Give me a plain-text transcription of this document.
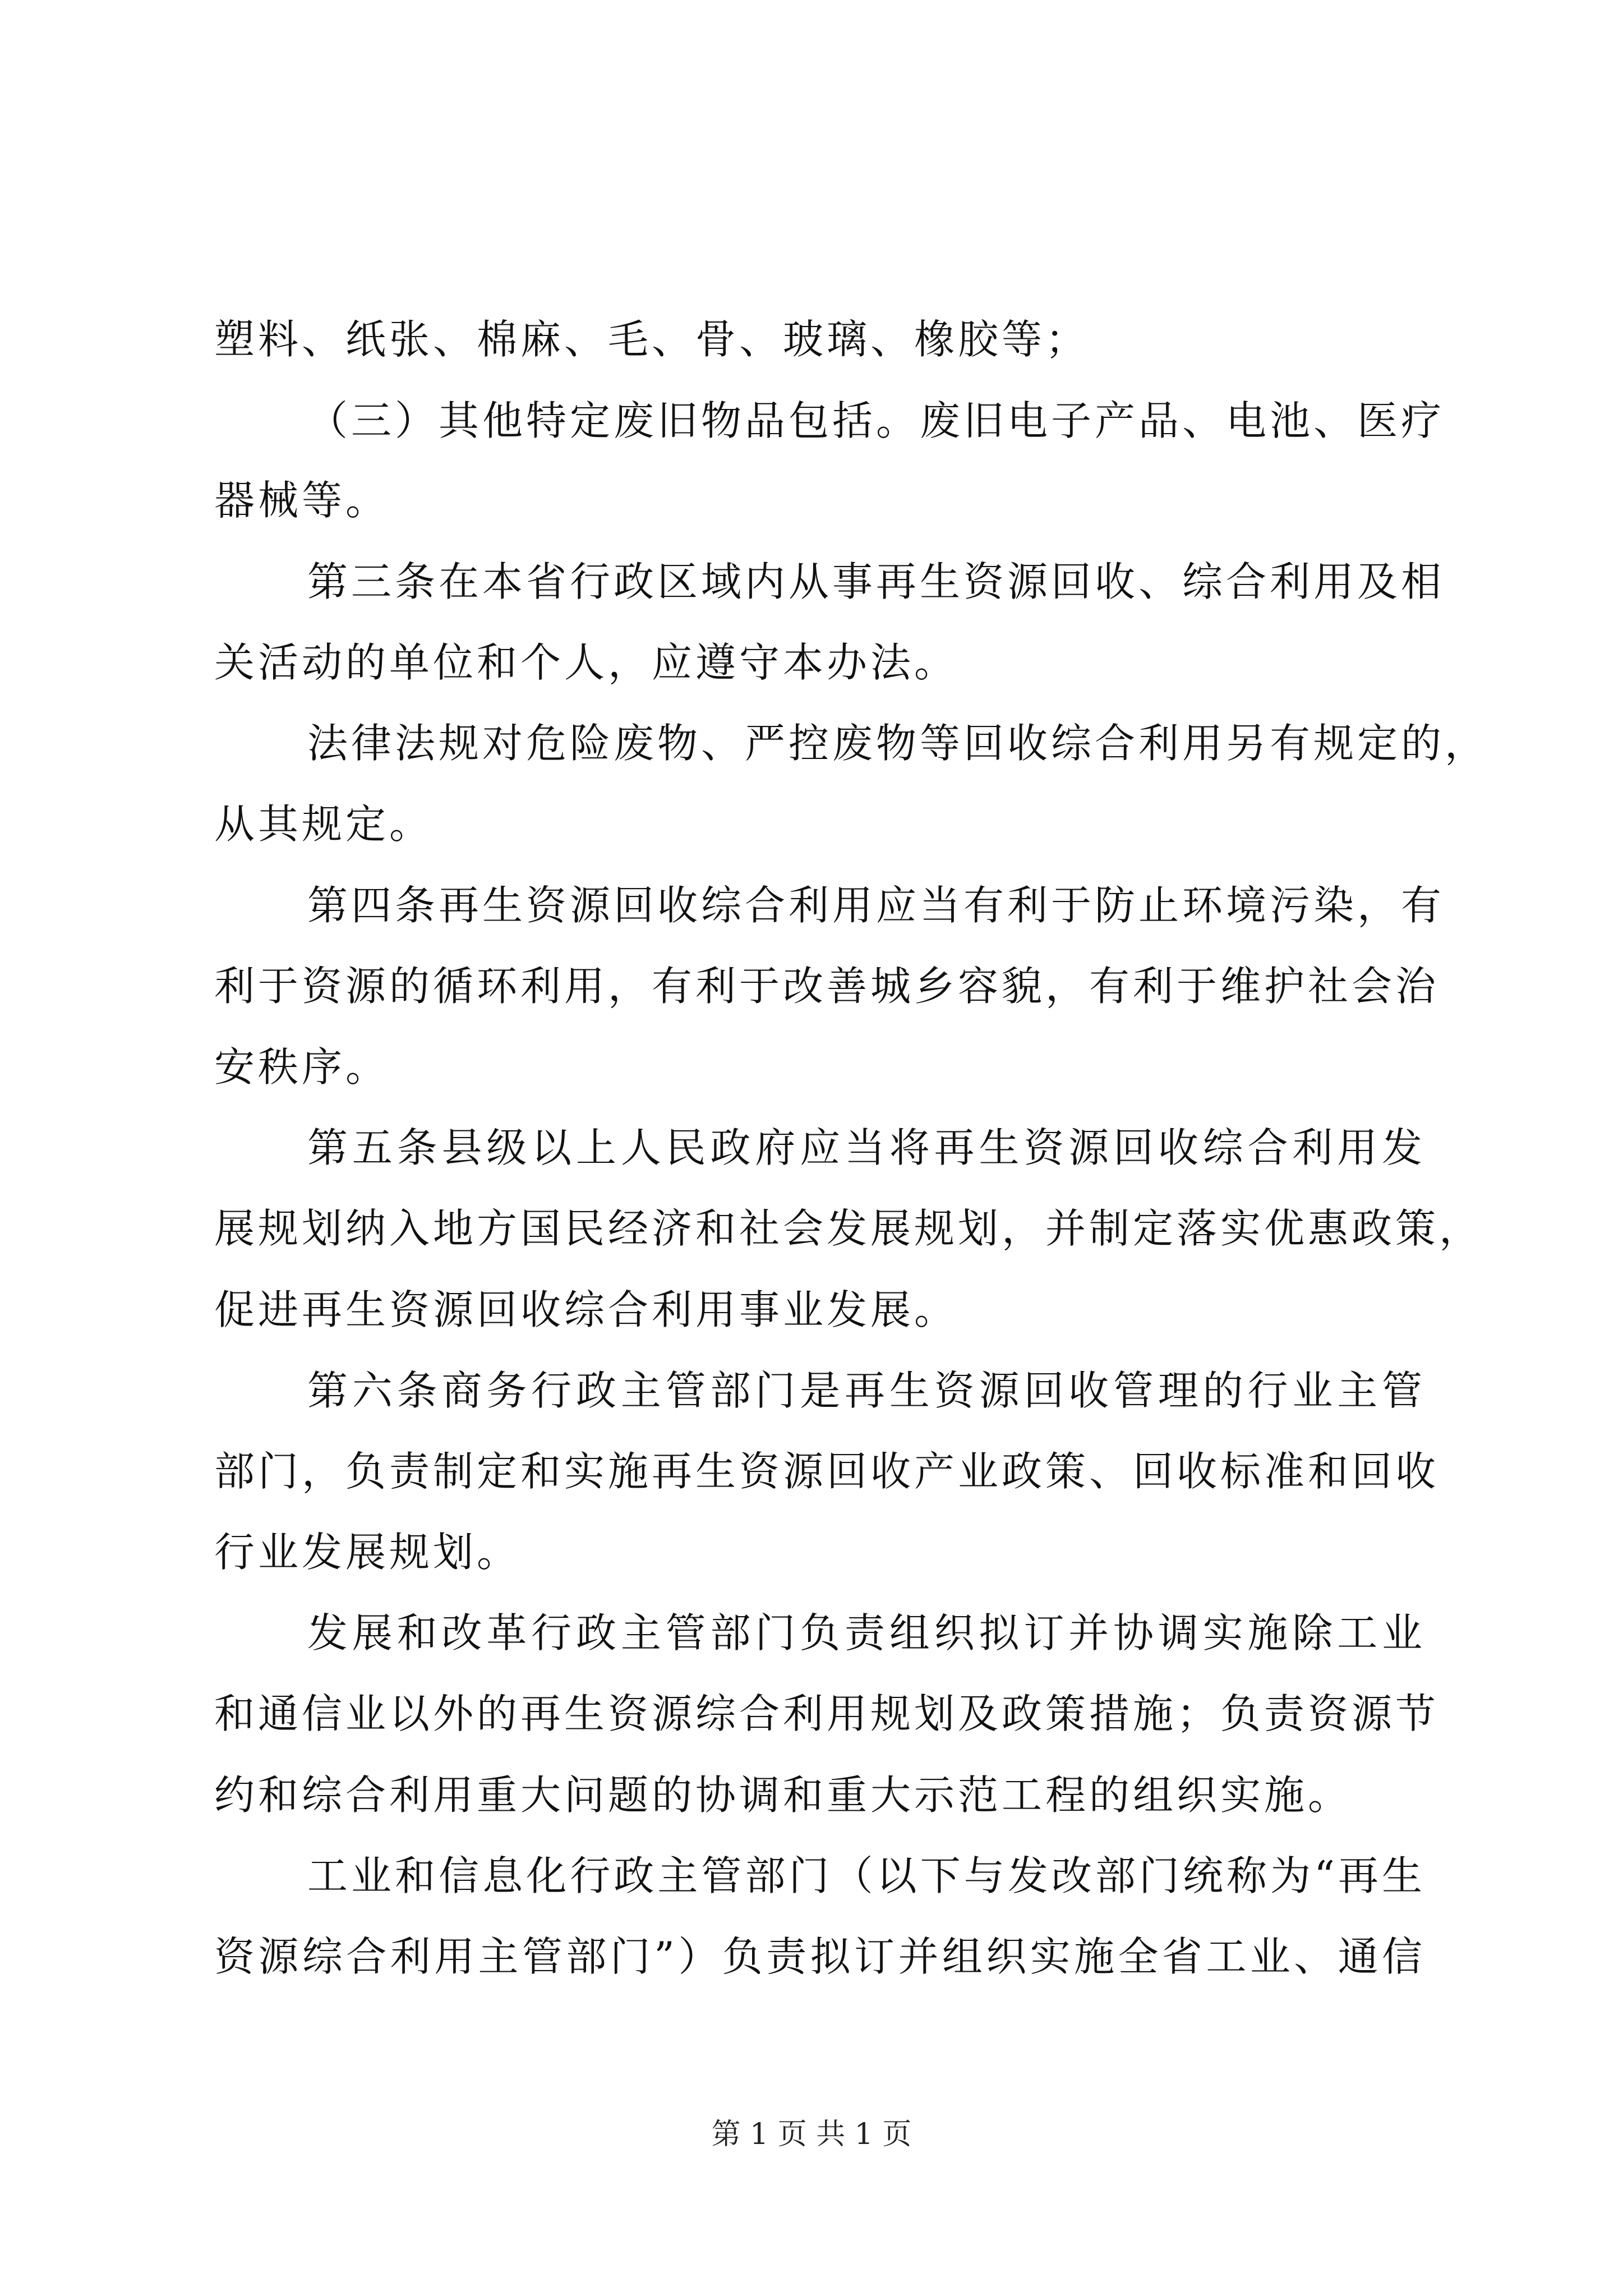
塑料、纸张、棉麻、毛、骨、玻璃、橡胶等；
（三）其他特定废旧物品包括。废旧电子产品、电池、医疗
器械等。
第三条在本省行政区域内从事再生资源回收、综合利用及相
关活动的单位和个人，应遵守本办法。
法律法规对危险废物、严控废物等回收综合利用另有规定的，
从其规定。
第四条再生资源回收综合利用应当有利于防止环境污染，有
利于资源的循环利用，有利于改善城乡容貌，有利于维护社会治
安秩序。
第五条县级以上人民政府应当将再生资源回收综合利用发
展规划纳入地方国民经济和社会发展规划，并制定落实优惠政策，
促进再生资源回收综合利用事业发展。
第六条商务行政主管部门是再生资源回收管理的行业主管
部门，负责制定和实施再生资源回收产业政策、回收标准和回收
行业发展规划。
发展和改革行政主管部门负责组织拟订并协调实施除工业
和通信业以外的再生资源综合利用规划及政策措施；负责资源节
约和综合利用重大问题的协调和重大示范工程的组织实施。
工业和信息化行政主管部门（以下与发改部门统称为“再生
资源综合利用主管部门”）负责拟订并组织实施全省工业、通信
第 1 页 共 1 页
